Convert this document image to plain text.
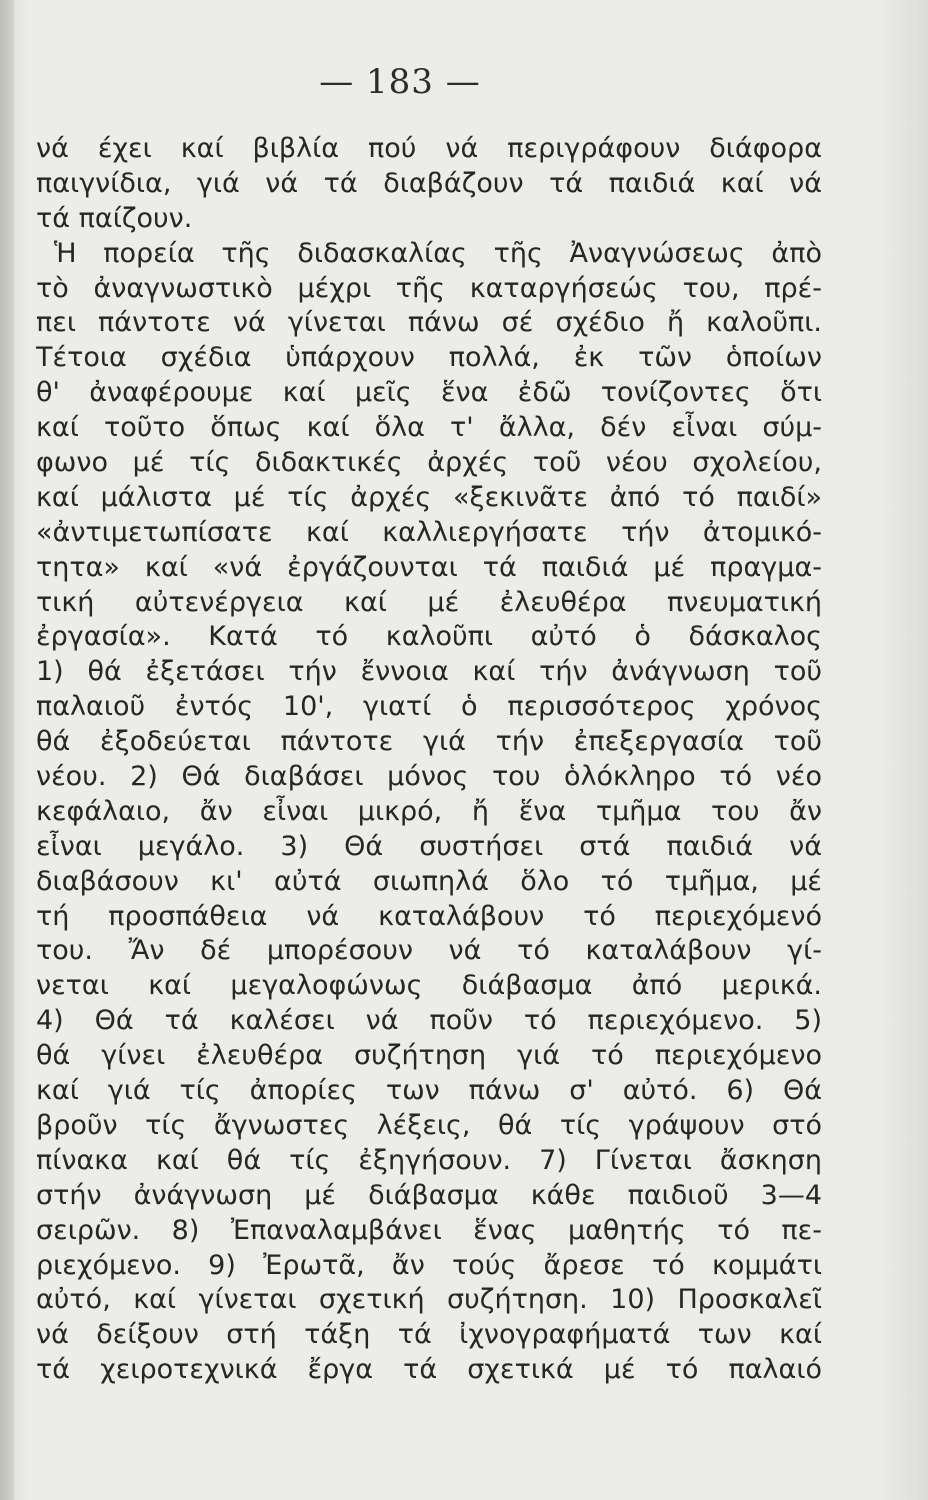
— 183 —
νά έχει καί βιβλία πού νά περιγράφουν διάφορα
παιγνίδια, γιά νά τά διαβάζουν τά παιδιά καί νά
τά παίζουν.
Ἡ πορεία τῆς διδασκαλίας τῆς Ἀναγνώσεως ἀπὸ
τὸ ἀναγνωστικὸ μέχρι τῆς καταργήσεώς του, πρέ-
πει πάντοτε νά γίνεται πάνω σέ σχέδιο ἤ καλοῦπι.
Τέτοια σχέδια ὑπάρχουν πολλά, ἐκ τῶν ὁποίων
θ' ἀναφέρουμε καί μεῖς ἕνα ἐδῶ τονίζοντες ὅτι
καί τοῦτο ὅπως καί ὅλα τ' ἄλλα, δέν εἶναι σύμ-
φωνο μέ τίς διδακτικές ἀρχές τοῦ νέου σχολείου,
καί μάλιστα μέ τίς ἀρχές «ξεκινᾶτε ἀπό τό παιδί»
«ἀντιμετωπίσατε καί καλλιεργήσατε τήν ἀτομικό-
τητα» καί «νά ἐργάζουνται τά παιδιά μέ πραγμα-
τική αὐτενέργεια καί μέ ἐλευθέρα πνευματική
ἐργασία». Κατά τό καλοῦπι αὐτό ὁ δάσκαλος
1) θά ἐξετάσει τήν ἔννοια καί τήν ἀνάγνωση τοῦ
παλαιοῦ ἐντός 10', γιατί ὁ περισσότερος χρόνος
θά ἐξοδεύεται πάντοτε γιά τήν ἐπεξεργασία τοῦ
νέου. 2) Θά διαβάσει μόνος του ὁλόκληρο τό νέο
κεφάλαιο, ἄν εἶναι μικρό, ἤ ἕνα τμῆμα του ἄν
εἶναι μεγάλο. 3) Θά συστήσει στά παιδιά νά
διαβάσουν κι' αὐτά σιωπηλά ὅλο τό τμῆμα, μέ
τή προσπάθεια νά καταλάβουν τό περιεχόμενό
του. Ἄν δέ μπορέσουν νά τό καταλάβουν γί-
νεται καί μεγαλοφώνως διάβασμα ἀπό μερικά.
4) Θά τά καλέσει νά ποῦν τό περιεχόμενο. 5)
θά γίνει ἐλευθέρα συζήτηση γιά τό περιεχόμενο
καί γιά τίς ἀπορίες των πάνω σ' αὐτό. 6) Θά
βροῦν τίς ἄγνωστες λέξεις, θά τίς γράψουν στό
πίνακα καί θά τίς ἐξηγήσουν. 7) Γίνεται ἄσκηση
στήν ἀνάγνωση μέ διάβασμα κάθε παιδιοῦ 3—4
σειρῶν. 8) Ἐπαναλαμβάνει ἕνας μαθητής τό πε-
ριεχόμενο. 9) Ἐρωτᾶ, ἄν τούς ἄρεσε τό κομμάτι
αὐτό, καί γίνεται σχετική συζήτηση. 10) Προσκαλεῖ
νά δείξουν στή τάξη τά ἰχνογραφήματά των καί
τά χειροτεχνικά ἔργα τά σχετικά μέ τό παλαιό
